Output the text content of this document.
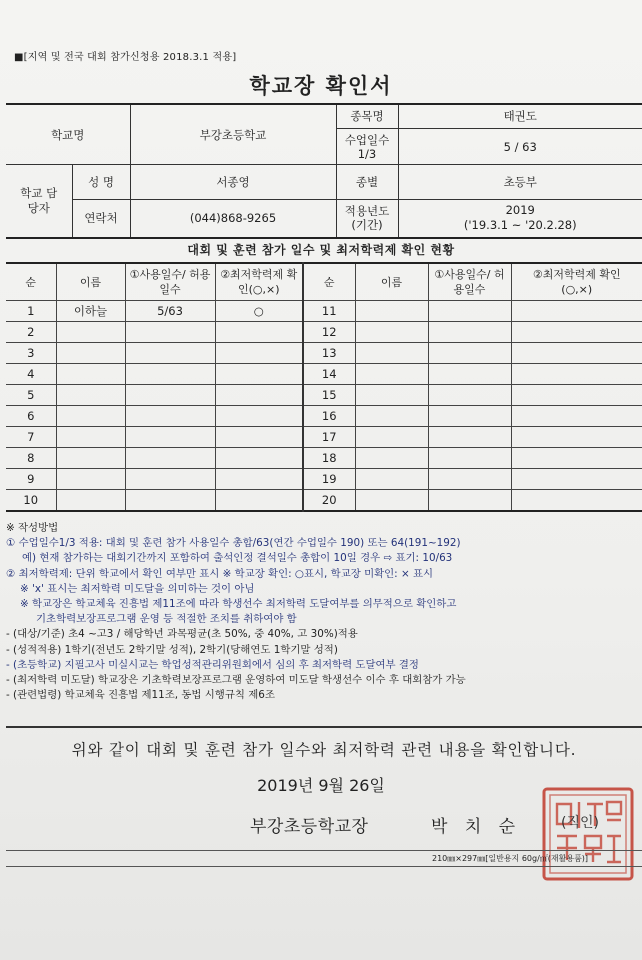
■[지역 및 전국 대회 참가신청용 2018.3.1 적용]
학교장 확인서
학교명		부강초등학교	종목명	태권도
			수업일수 1/3	5 / 63
학교 담당자	성 명	서종영	종별	초등부
	연락처	(044)868-9265	적용년도 (기간)	2019
('19.3.1 ~ '20.2.28)
대회 및 훈련 참가 일수 및 최저학력제 확인 현황
순	이름	①사용일수/ 허용일수	②최저학력제 확인(○,×)	순	이름	①사용일수/ 허용일수	②최저학력제 확인(○,×)
1	이하늘	5/63	○	11			
2				12			
3				13			
4				14			
5				15			
6				16			
7				17			
8				18			
9				19			
10				20			
※ 작성방법
① 수업일수1/3 적용: 대회 및 훈련 참가 사용일수 총합/63(연간 수업일수 190) 또는 64(191~192)
예) 현재 참가하는 대회기간까지 포함하여 출석인정 결석일수 총합이 10일 경우 ⇨ 표기: 10/63
② 최저학력제: 단위 학교에서 확인 여부만 표시 ※ 학교장 확인: ○표시, 학교장 미확인: × 표시
※ 'x' 표시는 최저학력 미도달을 의미하는 것이 아님
※ 학교장은 학교체육 진흥법 제11조에 따라 학생선수 최저학력 도달여부를 의무적으로 확인하고
기초학력보장프로그램 운영 등 적절한 조치를 취하여야 함
- (대상/기준) 초4 ~고3 / 해당학년 과목평균(초 50%, 중 40%, 고 30%)적용
- (성적적용) 1학기(전년도 2학기말 성적), 2학기(당해연도 1학기말 성적)
- (초등학교) 지필고사 미실시교는 학업성적관리위원회에서 심의 후 최저학력 도달여부 결정
- (최저학력 미도달) 학교장은 기초학력보장프로그램 운영하여 미도달 학생선수 이수 후 대회참가 가능
- (관련법령) 학교체육 진흥법 제11조, 동법 시행규칙 제6조
위와 같이 대회 및 훈련 참가 일수와 최저학력 관련 내용을 확인합니다.
2019년 9월 26일
부강초등학교장	박 치 순	(직인)
210㎜×297㎜[일반용지 60g/㎡(재활용품)]
